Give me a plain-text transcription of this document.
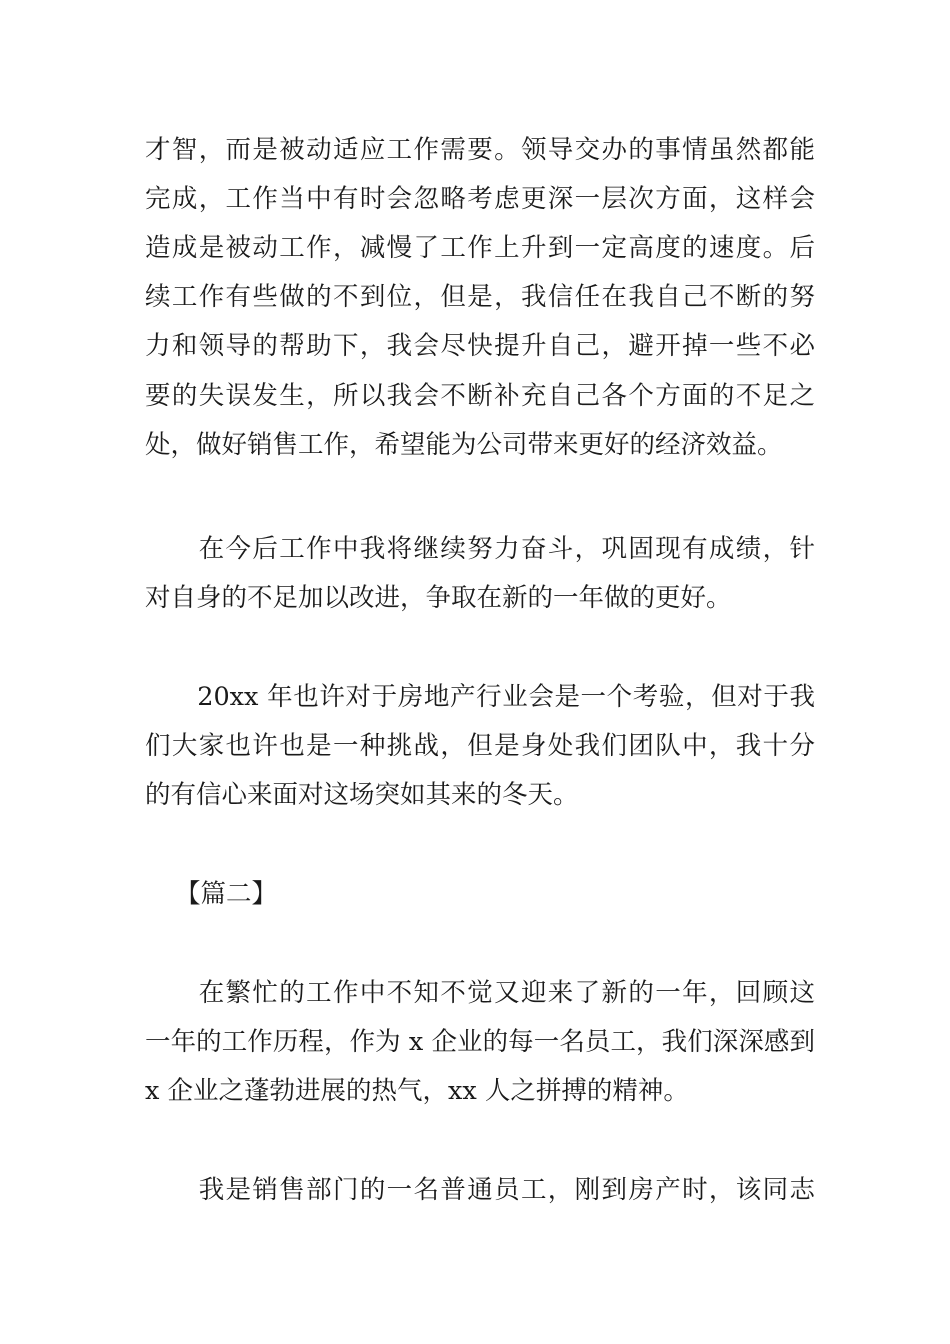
才智，而是被动适应工作需要。领导交办的事情虽然都能
完成，工作当中有时会忽略考虑更深一层次方面，这样会
造成是被动工作，减慢了工作上升到一定高度的速度。后
续工作有些做的不到位，但是，我信任在我自己不断的努
力和领导的帮助下，我会尽快提升自己，避开掉一些不必
要的失误发生，所以我会不断补充自己各个方面的不足之
处，做好销售工作，希望能为公司带来更好的经济效益。
　　在今后工作中我将继续努力奋斗，巩固现有成绩，针
对自身的不足加以改进，争取在新的一年做的更好。
　　20xx 年也许对于房地产行业会是一个考验，但对于我
们大家也许也是一种挑战，但是身处我们团队中，我十分
的有信心来面对这场突如其来的冬天。
【篇二】
　　在繁忙的工作中不知不觉又迎来了新的一年，回顾这
一年的工作历程，作为 x 企业的每一名员工，我们深深感到
x 企业之蓬勃进展的热气，xx 人之拼搏的精神。
　　我是销售部门的一名普通员工，刚到房产时，该同志
